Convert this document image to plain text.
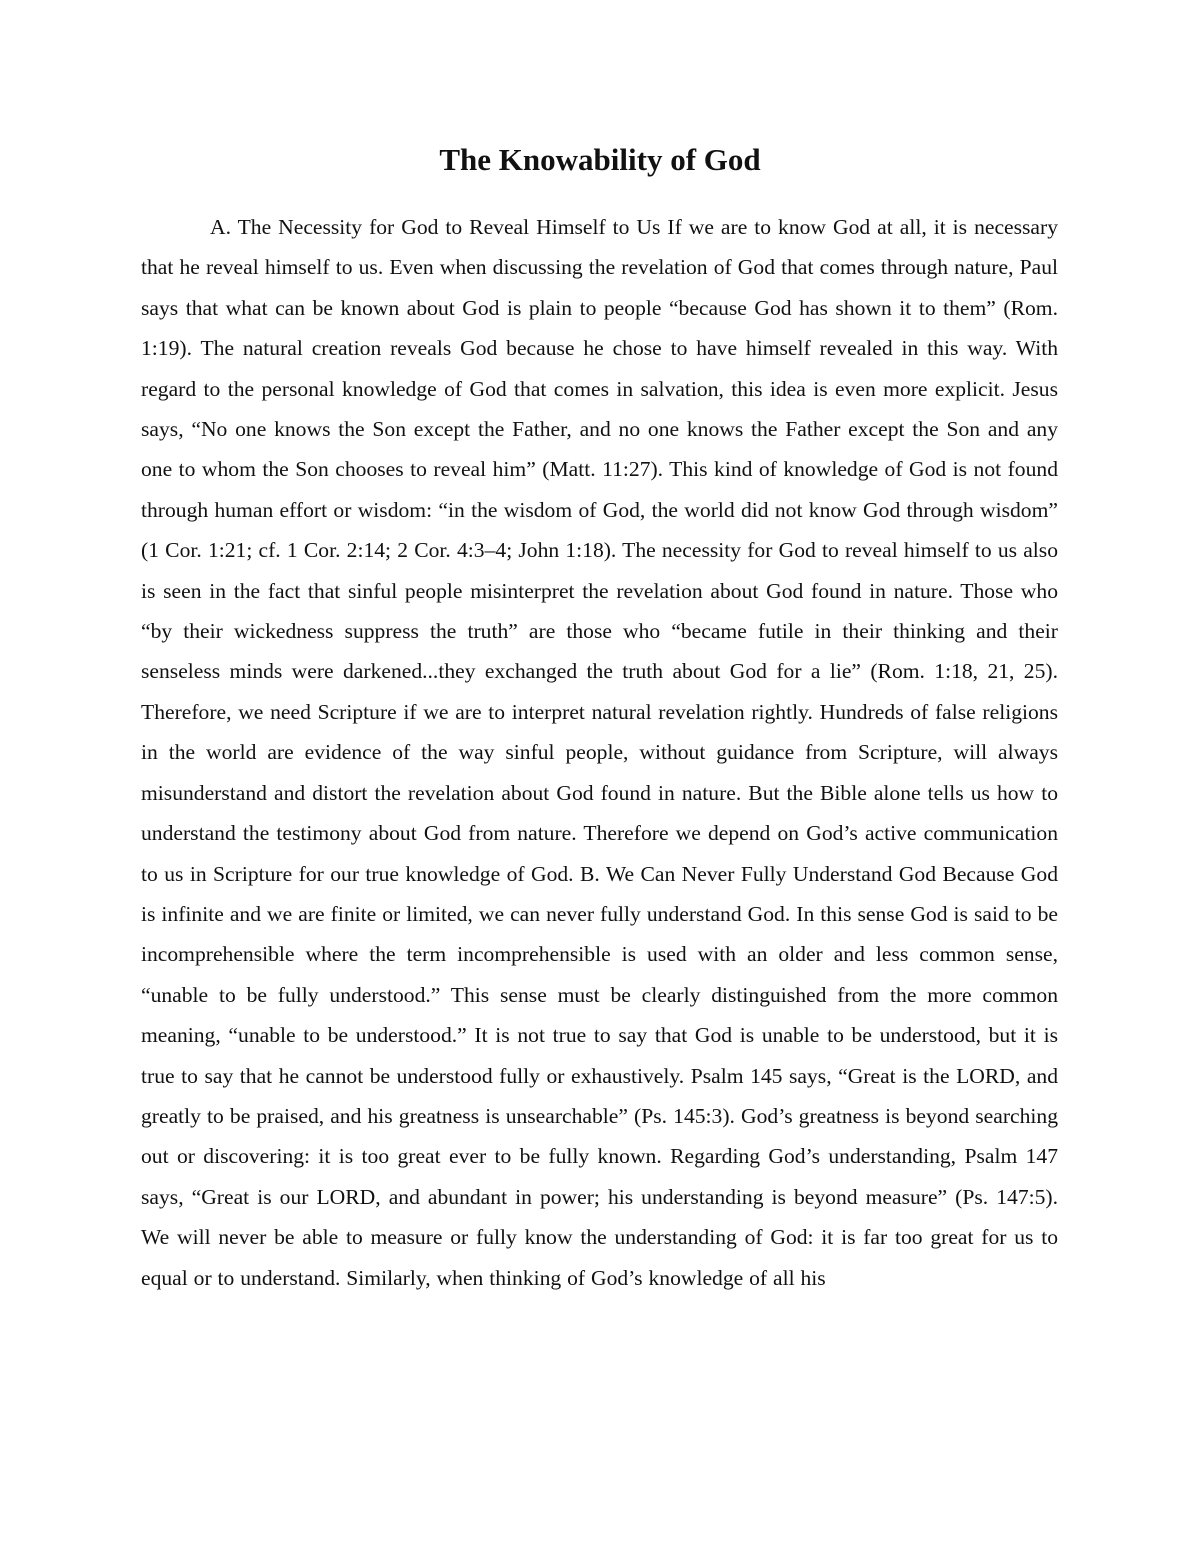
The Knowability of God

A. The Necessity for God to Reveal Himself to Us If we are to know God at all, it is necessary that he reveal himself to us. Even when discussing the revelation of God that comes through nature, Paul says that what can be known about God is plain to people “because God has shown it to them” (Rom. 1:19). The natural creation reveals God because he chose to have himself revealed in this way. With regard to the personal knowledge of God that comes in salvation, this idea is even more explicit. Jesus says, “No one knows the Son except the Father, and no one knows the Father except the Son and any one to whom the Son chooses to reveal him” (Matt. 11:27). This kind of knowledge of God is not found through human effort or wisdom: “in the wisdom of God, the world did not know God through wisdom” (1 Cor. 1:21; cf. 1 Cor. 2:14; 2 Cor. 4:3–4; John 1:18). The necessity for God to reveal himself to us also is seen in the fact that sinful people misinterpret the revelation about God found in nature. Those who “by their wickedness suppress the truth” are those who “became futile in their thinking and their senseless minds were darkened...they exchanged the truth about God for a lie” (Rom. 1:18, 21, 25). Therefore, we need Scripture if we are to interpret natural revelation rightly. Hundreds of false religions in the world are evidence of the way sinful people, without guidance from Scripture, will always misunderstand and distort the revelation about God found in nature. But the Bible alone tells us how to understand the testimony about God from nature. Therefore we depend on God’s active communication to us in Scripture for our true knowledge of God. B. We Can Never Fully Understand God Because God is infinite and we are finite or limited, we can never fully understand God. In this sense God is said to be incomprehensible where the term incomprehensible is used with an older and less common sense, “unable to be fully understood.” This sense must be clearly distinguished from the more common meaning, “unable to be understood.” It is not true to say that God is unable to be understood, but it is true to say that he cannot be understood fully or exhaustively. Psalm 145 says, “Great is the LORD, and greatly to be praised, and his greatness is unsearchable” (Ps. 145:3). God’s greatness is beyond searching out or discovering: it is too great ever to be fully known. Regarding God’s understanding, Psalm 147 says, “Great is our LORD, and abundant in power; his understanding is beyond measure” (Ps. 147:5). We will never be able to measure or fully know the understanding of God: it is far too great for us to equal or to understand. Similarly, when thinking of God’s knowledge of all his
